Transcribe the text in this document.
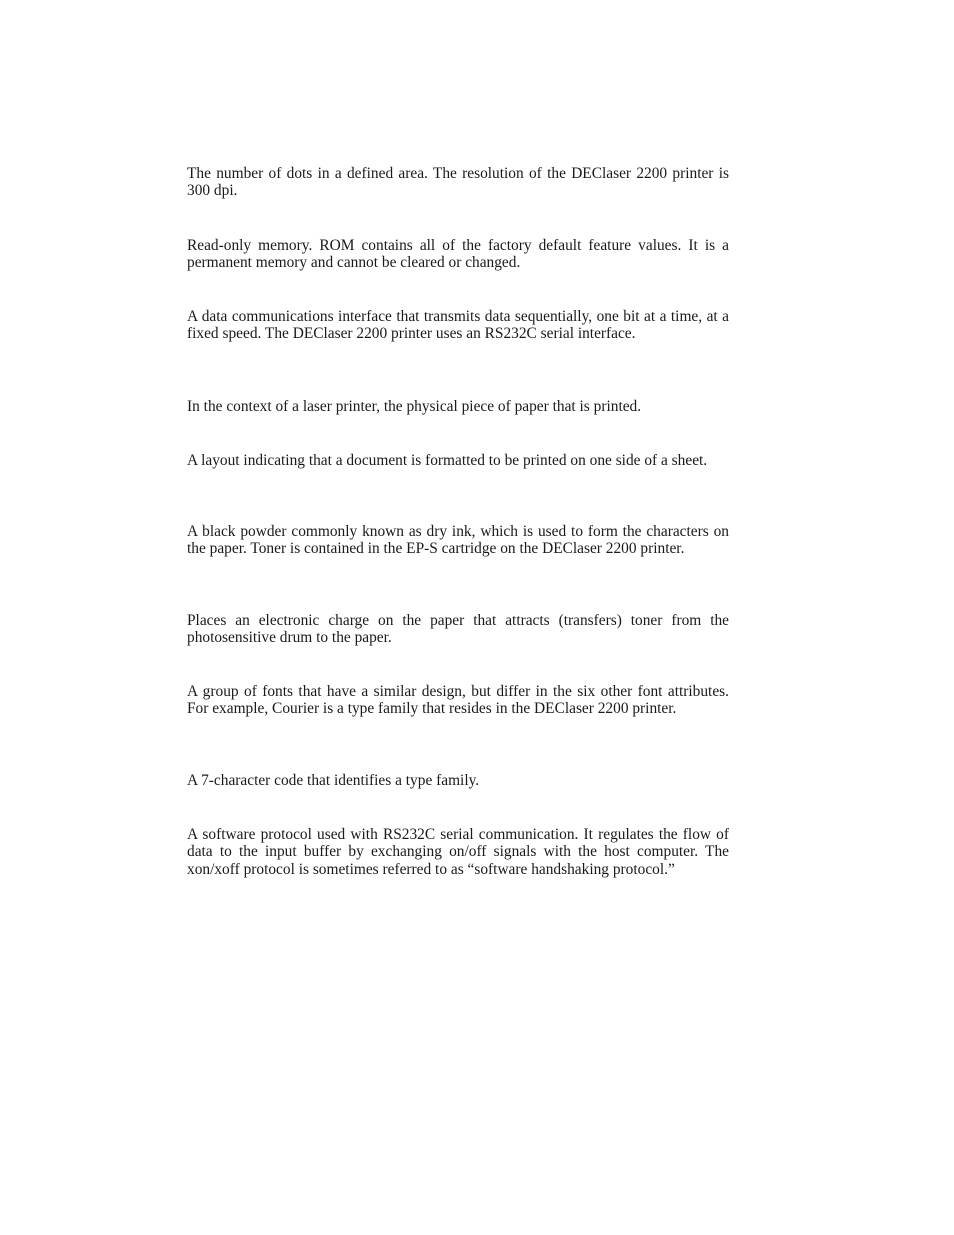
The number of dots in a defined area. The resolution of the DEClaser 2200 printer is 300 dpi.

Read-only memory. ROM contains all of the factory default feature values. It is a permanent memory and cannot be cleared or changed.

A data communications interface that transmits data sequentially, one bit at a time, at a fixed speed. The DEClaser 2200 printer uses an RS232C serial interface.

In the context of a laser printer, the physical piece of paper that is printed.

A layout indicating that a document is formatted to be printed on one side of a sheet.

A black powder commonly known as dry ink, which is used to form the characters on the paper. Toner is contained in the EP-S cartridge on the DEClaser 2200 printer.

Places an electronic charge on the paper that attracts (transfers) toner from the photosensitive drum to the paper.

A group of fonts that have a similar design, but differ in the six other font attributes. For example, Courier is a type family that resides in the DEClaser 2200 printer.

A 7-character code that identifies a type family.

A software protocol used with RS232C serial communication. It regulates the flow of data to the input buffer by exchanging on/off signals with the host computer. The xon/xoff protocol is sometimes referred to as “software handshaking protocol.”
